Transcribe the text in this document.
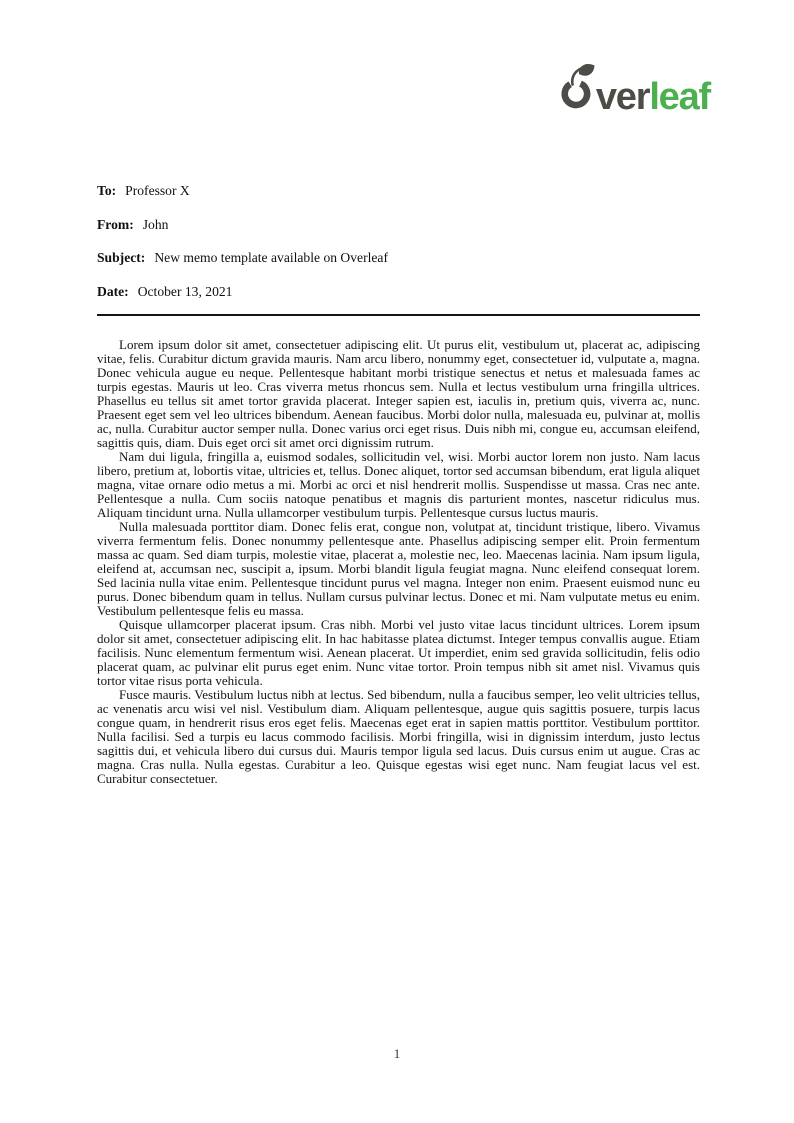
verleaf
To: Professor X
From: John
Subject: New memo template available on Overleaf
Date: October 13, 2021

Lorem ipsum dolor sit amet, consectetuer adipiscing elit. Ut purus elit, vestibulum ut, placerat ac, adipiscing vitae, felis. Curabitur dictum gravida mauris. Nam arcu libero, nonummy eget, consectetuer id, vulputate a, magna. Donec vehicula augue eu neque. Pellentesque habitant morbi tristique senectus et netus et malesuada fames ac turpis egestas. Mauris ut leo. Cras viverra metus rhoncus sem. Nulla et lectus vestibulum urna fringilla ultrices. Phasellus eu tellus sit amet tortor gravida placerat. Integer sapien est, iaculis in, pretium quis, viverra ac, nunc. Praesent eget sem vel leo ultrices bibendum. Aenean faucibus. Morbi dolor nulla, malesuada eu, pulvinar at, mollis ac, nulla. Curabitur auctor semper nulla. Donec varius orci eget risus. Duis nibh mi, congue eu, accumsan eleifend, sagittis quis, diam. Duis eget orci sit amet orci dignissim rutrum.

Nam dui ligula, fringilla a, euismod sodales, sollicitudin vel, wisi. Morbi auctor lorem non justo. Nam lacus libero, pretium at, lobortis vitae, ultricies et, tellus. Donec aliquet, tortor sed accumsan bibendum, erat ligula aliquet magna, vitae ornare odio metus a mi. Morbi ac orci et nisl hendrerit mollis. Suspendisse ut massa. Cras nec ante. Pellentesque a nulla. Cum sociis natoque penatibus et magnis dis parturient montes, nascetur ridiculus mus. Aliquam tincidunt urna. Nulla ullamcorper vestibulum turpis. Pellentesque cursus luctus mauris.

Nulla malesuada porttitor diam. Donec felis erat, congue non, volutpat at, tincidunt tristique, libero. Vivamus viverra fermentum felis. Donec nonummy pellentesque ante. Phasellus adipiscing semper elit. Proin fermentum massa ac quam. Sed diam turpis, molestie vitae, placerat a, molestie nec, leo. Maecenas lacinia. Nam ipsum ligula, eleifend at, accumsan nec, suscipit a, ipsum. Morbi blandit ligula feugiat magna. Nunc eleifend consequat lorem. Sed lacinia nulla vitae enim. Pellentesque tincidunt purus vel magna. Integer non enim. Praesent euismod nunc eu purus. Donec bibendum quam in tellus. Nullam cursus pulvinar lectus. Donec et mi. Nam vulputate metus eu enim. Vestibulum pellentesque felis eu massa.

Quisque ullamcorper placerat ipsum. Cras nibh. Morbi vel justo vitae lacus tincidunt ultrices. Lorem ipsum dolor sit amet, consectetuer adipiscing elit. In hac habitasse platea dictumst. Integer tempus convallis augue. Etiam facilisis. Nunc elementum fermentum wisi. Aenean placerat. Ut imperdiet, enim sed gravida sollicitudin, felis odio placerat quam, ac pulvinar elit purus eget enim. Nunc vitae tortor. Proin tempus nibh sit amet nisl. Vivamus quis tortor vitae risus porta vehicula.

Fusce mauris. Vestibulum luctus nibh at lectus. Sed bibendum, nulla a faucibus semper, leo velit ultricies tellus, ac venenatis arcu wisi vel nisl. Vestibulum diam. Aliquam pellentesque, augue quis sagittis posuere, turpis lacus congue quam, in hendrerit risus eros eget felis. Maecenas eget erat in sapien mattis porttitor. Vestibulum porttitor. Nulla facilisi. Sed a turpis eu lacus commodo facilisis. Morbi fringilla, wisi in dignissim interdum, justo lectus sagittis dui, et vehicula libero dui cursus dui. Mauris tempor ligula sed lacus. Duis cursus enim ut augue. Cras ac magna. Cras nulla. Nulla egestas. Curabitur a leo. Quisque egestas wisi eget nunc. Nam feugiat lacus vel est. Curabitur consectetuer.

1
